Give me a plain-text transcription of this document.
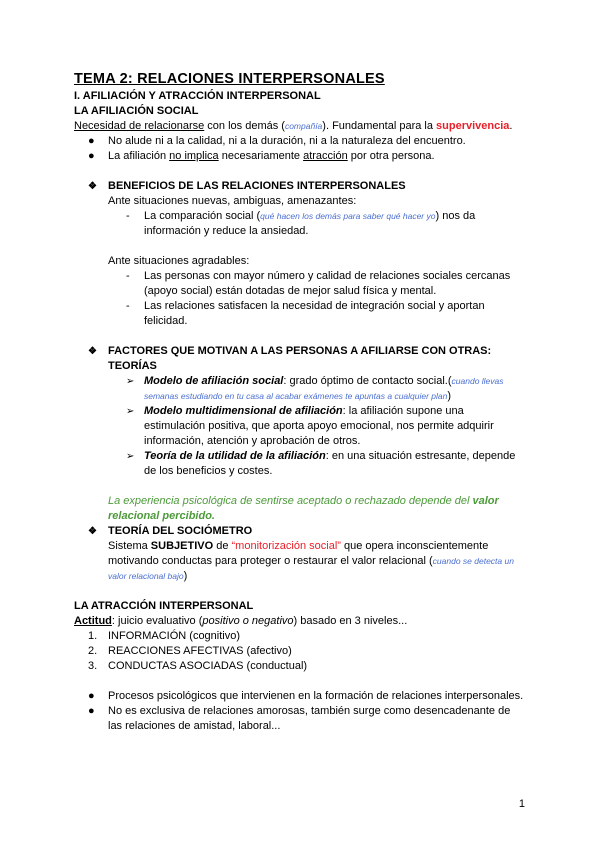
TEMA 2: RELACIONES INTERPERSONALES
I. AFILIACIÓN Y ATRACCIÓN INTERPERSONAL
LA AFILIACIÓN SOCIAL
Necesidad de relacionarse con los demás (compañía). Fundamental para la supervivencia.
● No alude ni a la calidad, ni a la duración, ni a la naturaleza del encuentro.
● La afiliación no implica necesariamente atracción por otra persona.
❖ BENEFICIOS DE LAS RELACIONES INTERPERSONALES
Ante situaciones nuevas, ambiguas, amenazantes:
- La comparación social (qué hacen los demás para saber qué hacer yo) nos da
información y reduce la ansiedad.
Ante situaciones agradables:
- Las personas con mayor número y calidad de relaciones sociales cercanas
(apoyo social) están dotadas de mejor salud física y mental.
- Las relaciones satisfacen la necesidad de integración social y aportan
felicidad.
❖ FACTORES QUE MOTIVAN A LAS PERSONAS A AFILIARSE CON OTRAS:
TEORÍAS
➢ Modelo de afiliación social: grado óptimo de contacto social.(cuando llevas
semanas estudiando en tu casa al acabar exámenes te apuntas a cualquier plan)
➢ Modelo multidimensional de afiliación: la afiliación supone una
estimulación positiva, que aporta apoyo emocional, nos permite adquirir
información, atención y aprobación de otros.
➢ Teoría de la utilidad de la afiliación: en una situación estresante, depende
de los beneficios y costes.
La experiencia psicológica de sentirse aceptado o rechazado depende del valor
relacional percibido.
❖ TEORÍA DEL SOCIÓMETRO
Sistema SUBJETIVO de “monitorización social” que opera inconscientemente
motivando conductas para proteger o restaurar el valor relacional (cuando se detecta un
valor relacional bajo)
LA ATRACCIÓN INTERPERSONAL
Actitud: juicio evaluativo (positivo o negativo) basado en 3 niveles...
1. INFORMACIÓN (cognitivo)
2. REACCIONES AFECTIVAS (afectivo)
3. CONDUCTAS ASOCIADAS (conductual)
● Procesos psicológicos que intervienen en la formación de relaciones interpersonales.
● No es exclusiva de relaciones amorosas, también surge como desencadenante de
las relaciones de amistad, laboral...
1
